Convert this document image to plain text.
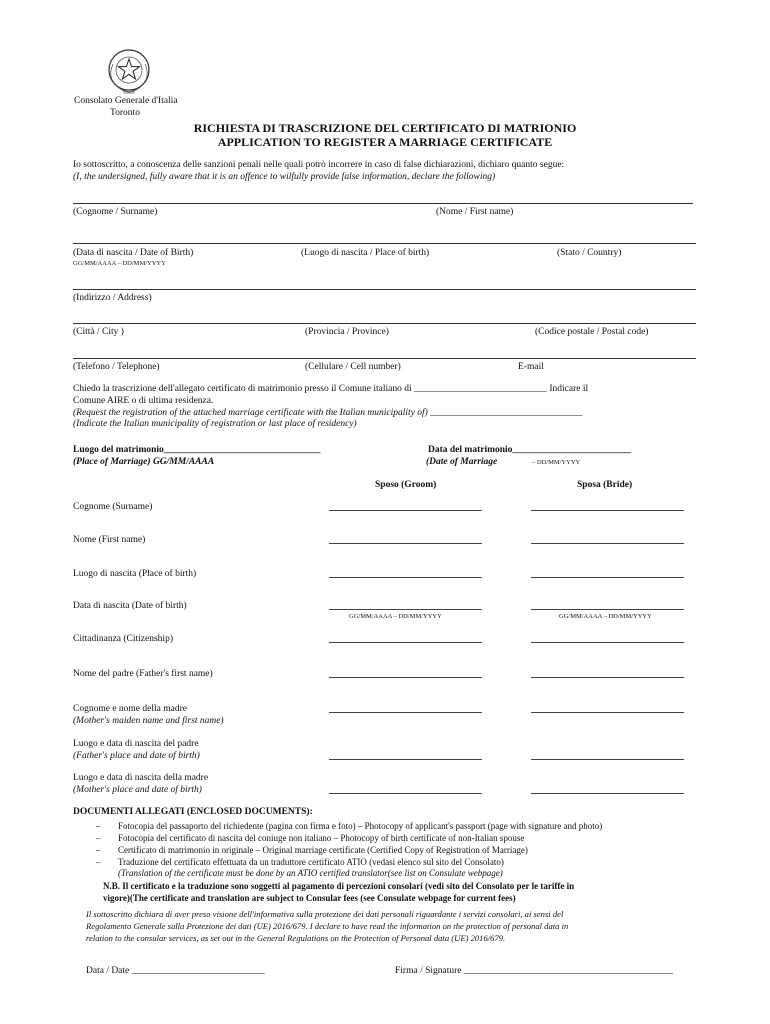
Consolato Generale d'Italia
Toronto
RICHIESTA DI TRASCRIZIONE DEL CERTIFICATO DI MATRIONIO
APPLICATION TO REGISTER A MARRIAGE CERTIFICATE
Io sottoscritto, a conoscenza delle sanzioni penali nelle quali potrò incorrere in caso di false dichiarazioni, dichiaro quanto segue:
(I, the undersigned, fully aware that it is an offence to wilfully provide false information, declare the following)
(Cognome / Surname)	(Nome / First name)
(Data di nascita / Date of Birth)
GG/MM/AAAA – DD/MM/YYYY
(Luogo di nascita / Place of birth)	(Stato / Country)
(Indirizzo / Address)
(Città / City )	(Provincia / Province)	(Codice postale / Postal code)
(Telefono / Telephone)	(Cellulare / Cell number)	E-mail
Chiedo la trascrizione dell'allegato certificato di matrimonio presso il Comune italiano di ____________________________ Indicare il
Comune AIRE o di ultima residenza.
(Request the registration of the attached marriage certificate with the Italian municipality of) ________________________________
(Indicate the Italian municipality of registration or last place of residency)
Luogo del matrimonio_________________________________
(Place of Marriage) GG/MM/AAAA
Data del matrimonio_________________________
(Date of Marriage	– DD/MM/YYYY
Sposo (Groom)	Sposa (Bride)
Cognome (Surname)
Nome (First name)
Luogo di nascita (Place of birth)
Data di nascita (Date of birth)
GG/MM/AAAA – DD/MM/YYYY	GG/MM/AAAA – DD/MM/YYYY
Cittadinanza (Citizenship)
Nome del padre (Father's first name)
Cognome e nome della madre
(Mother's maiden name and first name)
Luogo e data di nascita del padre
(Father's place and date of birth)
Luogo e data di nascita della madre
(Mother's place and date of birth)
DOCUMENTI ALLEGATI (ENCLOSED DOCUMENTS):
– Fotocopia del passaporto del richiedente (pagina con firma e foto) – Photocopy of applicant's passport (page with signature and photo)
– Fotocopia del certificato di nascita del coniuge non italiano – Photocopy of birth certificate of non-Italian spouse
– Certificato di matrimonio in originale – Original marriage certificate (Certified Copy of Registration of Marriage)
– Traduzione del certificato effettuata da un traduttore certificato ATIO (vedasi elenco sul sito del Consolato)
(Translation of the certificate must be done by an ATIO certified translator(see list on Consulate webpage)
N.B. Il certificato e la traduzione sono soggetti al pagamento di percezioni consolari (vedi sito del Consolato per le tariffe in
vigore)(The certificate and translation are subject to Consular fees (see Consulate webpage for current fees)
Il sottoscritto dichiara di aver preso visione dell'informativa sulla protezione dei dati personali riguardante i servizi consolari, ai sensi del
Regolamento Generale sulla Protezione dei dati (UE) 2016/679. I declare to have read the information on the protection of personal data in
relation to the consular services, as set out in the General Regulations on the Protection of Personal data (UE) 2016/679.
Data / Date ____________________________	Firma / Signature ____________________________________________
